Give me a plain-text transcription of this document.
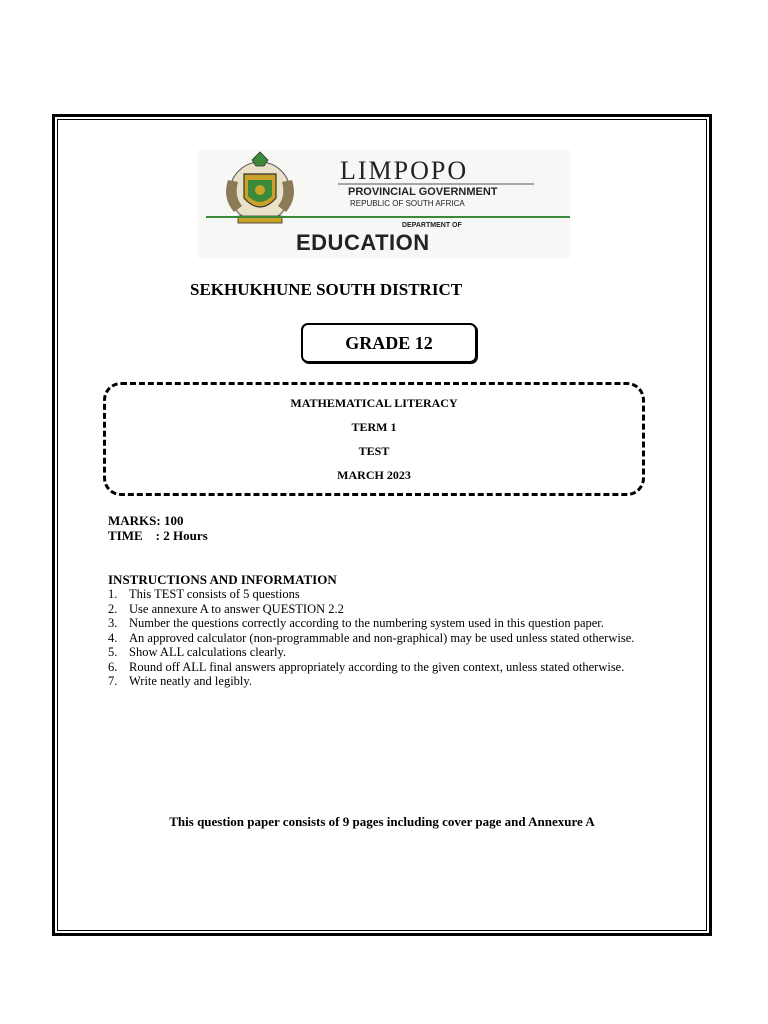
LIMPOPO
PROVINCIAL GOVERNMENT
REPUBLIC OF SOUTH AFRICA
DEPARTMENT OF
EDUCATION
SEKHUKHUNE SOUTH DISTRICT
GRADE 12
MATHEMATICAL LITERACY
TERM 1
TEST
MARCH 2023
MARKS: 100
TIME    : 2 Hours
INSTRUCTIONS AND INFORMATION
1. This TEST consists of 5 questions
2. Use annexure A to answer QUESTION 2.2
3. Number the questions correctly according to the numbering system used in this question paper.
4. An approved calculator (non-programmable and non-graphical) may be used unless stated otherwise.
5. Show ALL calculations clearly.
6. Round off ALL final answers appropriately according to the given context, unless stated otherwise.
7. Write neatly and legibly.
This question paper consists of 9 pages including cover page and Annexure A
